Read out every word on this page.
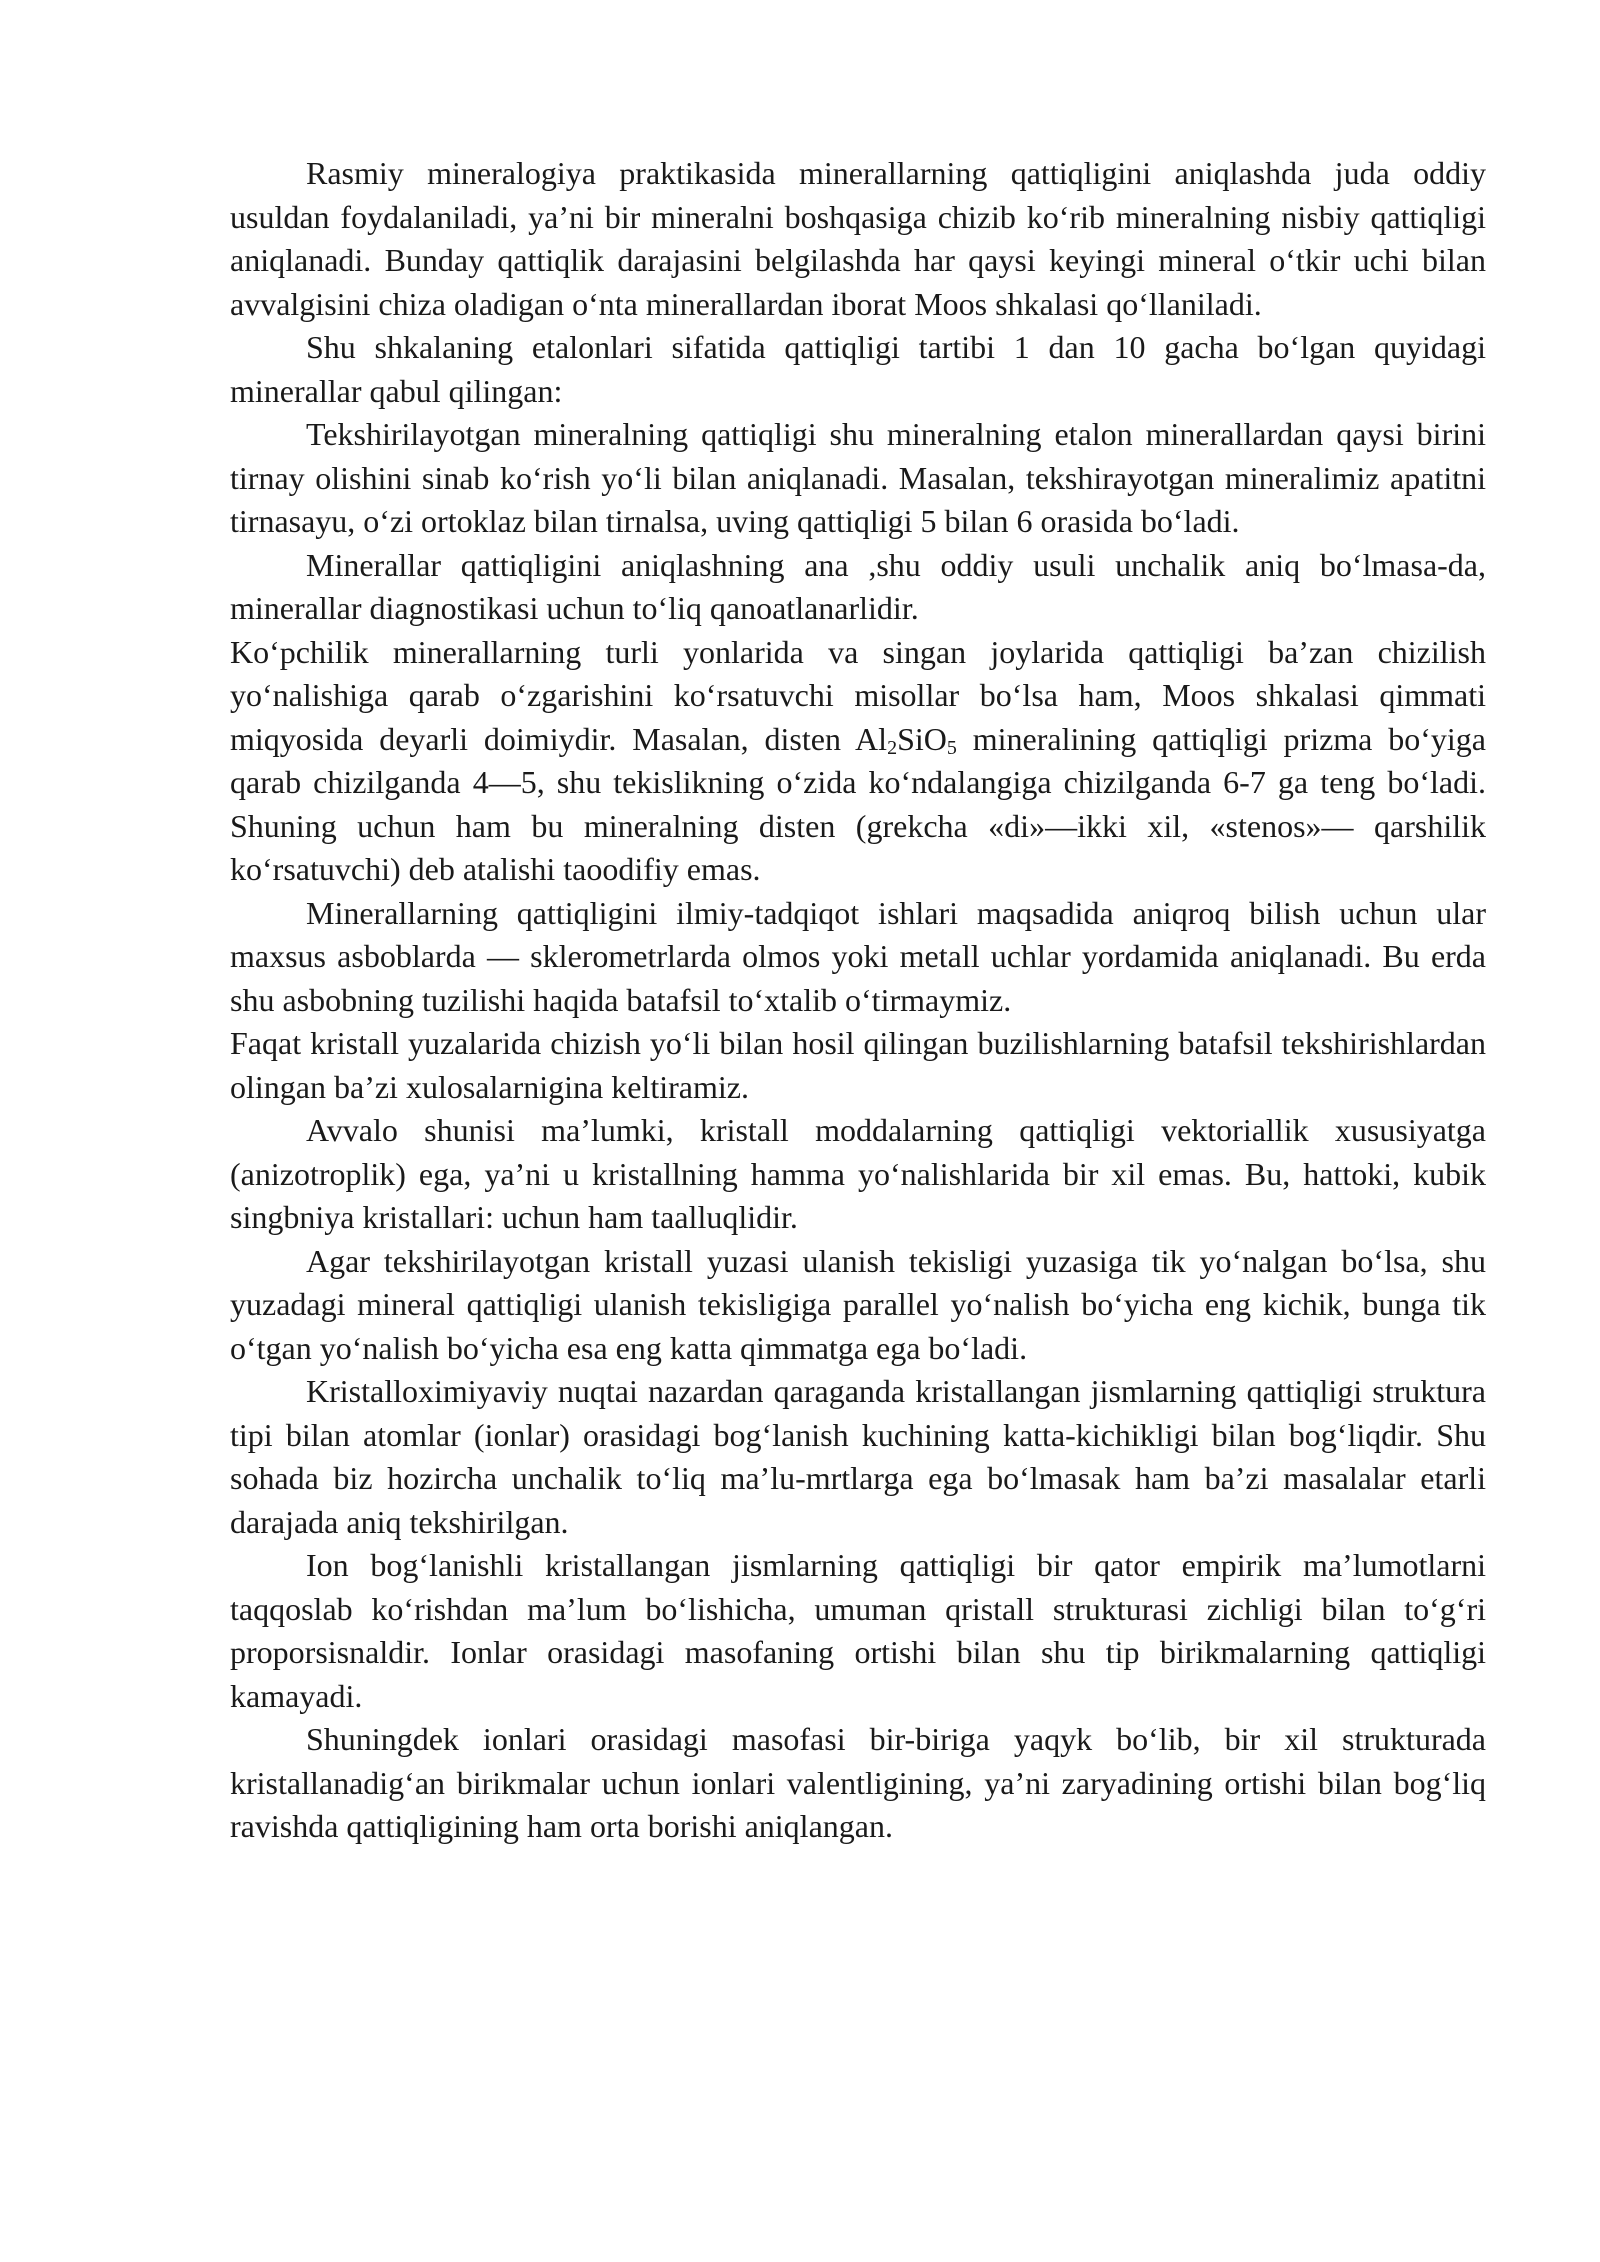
Rasmiy mineralogiya praktikasida minerallarning qattiqligini aniqlashda juda oddiy usuldan foydalaniladi, ya’ni bir mineralni boshqasiga chizib ko‘rib mineralning nisbiy qattiqligi aniqlanadi. Bunday qattiqlik darajasini belgilashda har qaysi keyingi mineral o‘tkir uchi bilan avvalgisini chiza oladigan o‘nta minerallardan iborat Moos shkalasi qo‘llaniladi.

Shu shkalaning etalonlari sifatida qattiqligi tartibi 1 dan 10 gacha bo‘lgan quyidagi minerallar qabul qilingan:

Tekshirilayotgan mineralning qattiqligi shu mineralning etalon minerallardan qaysi birini tirnay olishini sinab ko‘rish yo‘li bilan aniqlanadi. Masalan, tekshirayotgan mineralimiz apatitni tirnasayu, o‘zi ortoklaz bilan tirnalsa, uving qattiqligi 5 bilan 6 orasida bo‘ladi.

Minerallar qattiqligini aniqlashning ana ,shu oddiy usuli unchalik aniq bo‘lmasa-da, minerallar diagnostikasi uchun to‘liq qanoatlanarlidir.

Ko‘pchilik minerallarning turli yonlarida va singan joylarida qattiqligi ba’zan chizilish yo‘nalishiga qarab o‘zgarishini ko‘rsatuvchi misollar bo‘lsa ham, Moos shkalasi qimmati miqyosida deyarli doimiydir. Masalan, disten $Al_2SiO_5$ mineralining qattiqligi prizma bo‘yiga qarab chizilganda 4—5, shu tekislikning o‘zida ko‘ndalangiga chizilganda 6-7 ga teng bo‘ladi. Shuning uchun ham bu mineralning disten (grekcha «di»—ikki xil, «stenos»— qarshilik ko‘rsatuvchi) deb atalishi taoodifiy emas.

Minerallarning qattiqligini ilmiy-tadqiqot ishlari maqsadida aniqroq bilish uchun ular maxsus asboblarda — sklerometrlarda olmos yoki metall uchlar yordamida aniqlanadi. Bu erda shu asbobning tuzilishi haqida batafsil to‘xtalib o‘tirmaymiz.

Faqat kristall yuzalarida chizish yo‘li bilan hosil qilingan buzilishlarning batafsil tekshirishlardan olingan ba’zi xulosalarnigina keltiramiz.

Avvalo shunisi ma’lumki, kristall moddalarning qattiqligi vektoriallik xususiyatga (anizotroplik) ega, ya’ni u kristallning hamma yo‘nalishlarida bir xil emas. Bu, hattoki, kubik singbniya kristallari: uchun ham taalluqlidir.

Agar tekshirilayotgan kristall yuzasi ulanish tekisligi yuzasiga tik yo‘nalgan bo‘lsa, shu yuzadagi mineral qattiqligi ulanish tekisligiga parallel yo‘nalish bo‘yicha eng kichik, bunga tik o‘tgan yo‘nalish bo‘yicha esa eng katta qimmatga ega bo‘ladi.

Kristalloximiyaviy nuqtai nazardan qaraganda kristallangan jismlarning qattiqligi struktura tipi bilan atomlar (ionlar) orasidagi bog‘lanish kuchining katta-kichikligi bilan bog‘liqdir. Shu sohada biz hozircha unchalik to‘liq ma’lu-mrtlarga ega bo‘lmasak ham ba’zi masalalar etarli darajada aniq tekshirilgan.

Ion bog‘lanishli kristallangan jismlarning qattiqligi bir qator empirik ma’lumotlarni taqqoslab ko‘rishdan ma’lum bo‘lishicha, umuman qristall strukturasi zichligi bilan to‘g‘ri proporsisnaldir. Ionlar orasidagi masofaning ortishi bilan shu tip birikmalarning qattiqligi kamayadi.

Shuningdek ionlari orasidagi masofasi bir-biriga yaqyk bo‘lib, bir xil strukturada kristallanadig‘an birikmalar uchun ionlari valentligining, ya’ni zaryadining ortishi bilan bog‘liq ravishda qattiqligining ham orta borishi aniqlangan.
